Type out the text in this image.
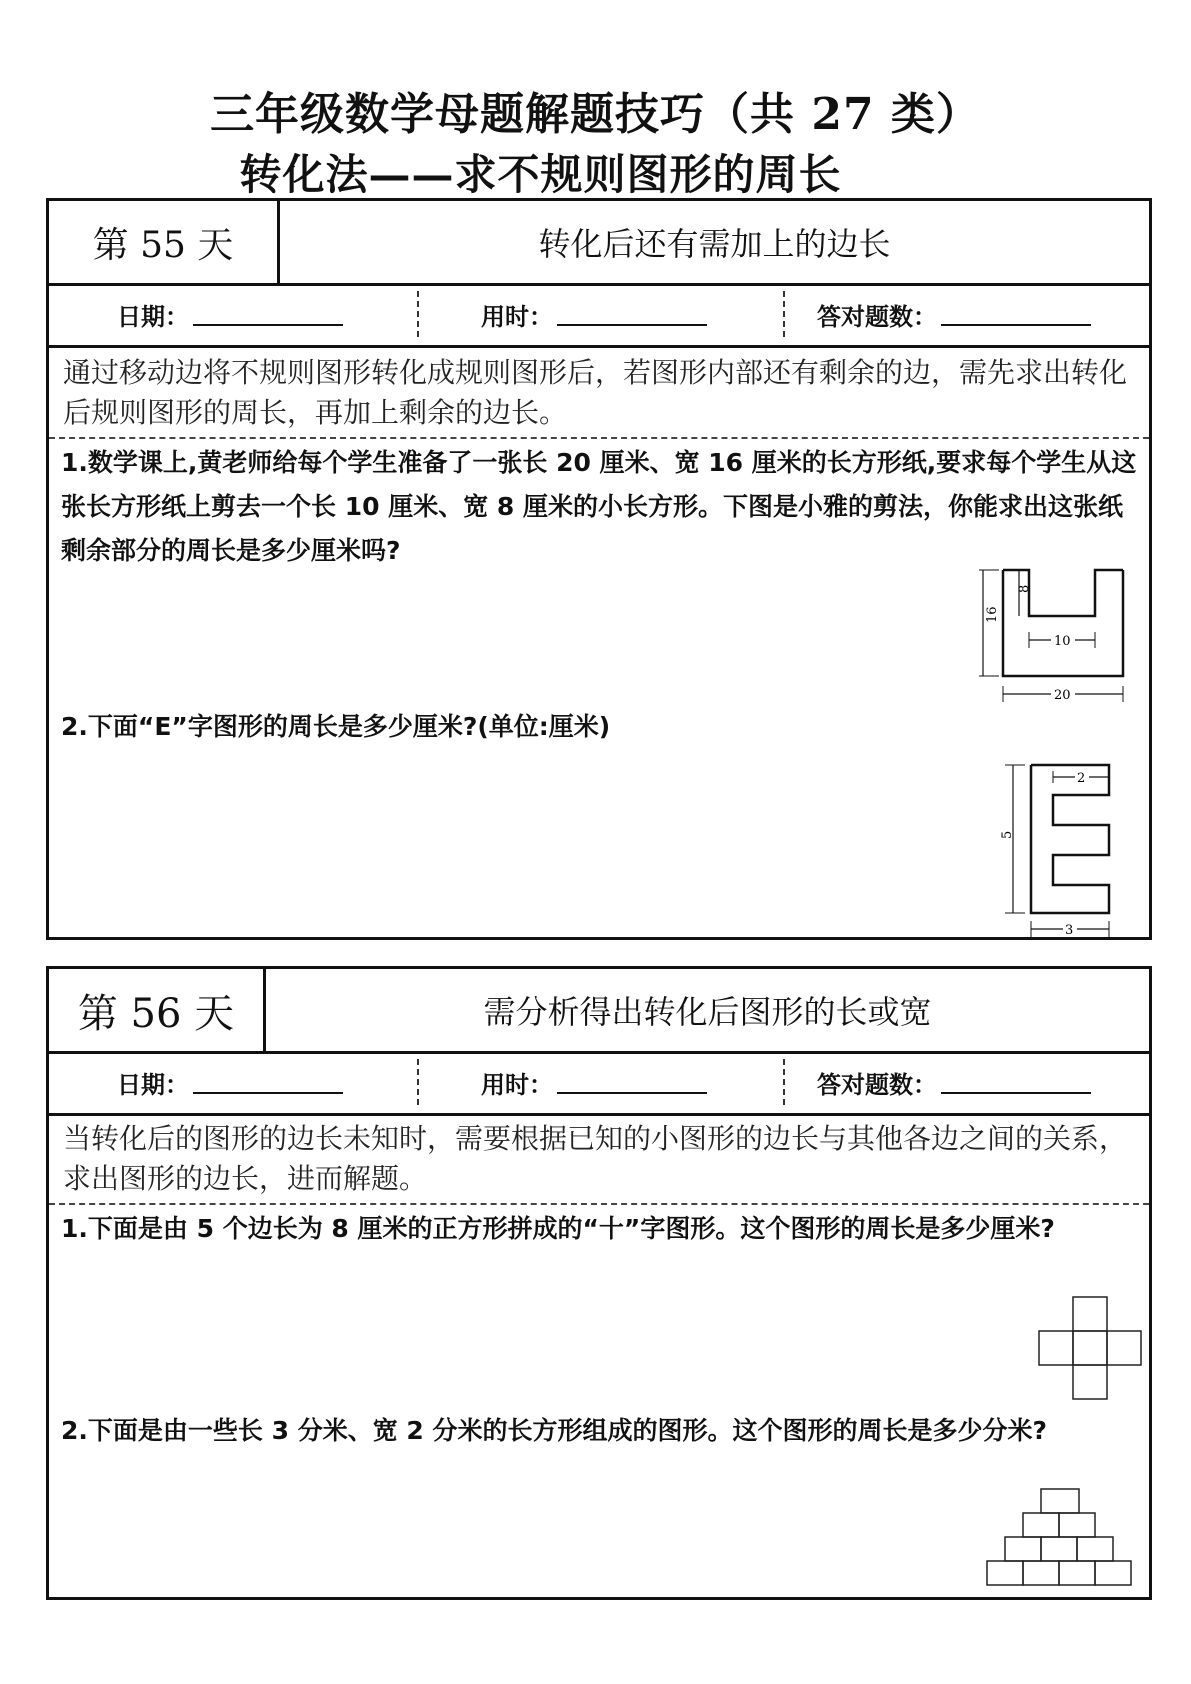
三年级数学母题解题技巧（共 27 类）
转化法——求不规则图形的周长
第 55 天	转化后还有需加上的边长
日期：	用时：	答对题数：
通过移动边将不规则图形转化成规则图形后，若图形内部还有剩余的边，需先求出转化后规则图形的周长，再加上剩余的边长。
1.数学课上,黄老师给每个学生准备了一张长 20 厘米、宽 16 厘米的长方形纸,要求每个学生从这张长方形纸上剪去一个长 10 厘米、宽 8 厘米的小长方形。下图是小雅的剪法，你能求出这张纸剩余部分的周长是多少厘米吗?
2.下面“E”字图形的周长是多少厘米?(单位:厘米)
16
8
10
20
5
2
3
第 56 天	需分析得出转化后图形的长或宽
日期：	用时：	答对题数：
当转化后的图形的边长未知时，需要根据已知的小图形的边长与其他各边之间的关系，求出图形的边长，进而解题。
1.下面是由 5 个边长为 8 厘米的正方形拼成的“十”字图形。这个图形的周长是多少厘米?
2.下面是由一些长 3 分米、宽 2 分米的长方形组成的图形。这个图形的周长是多少分米?
